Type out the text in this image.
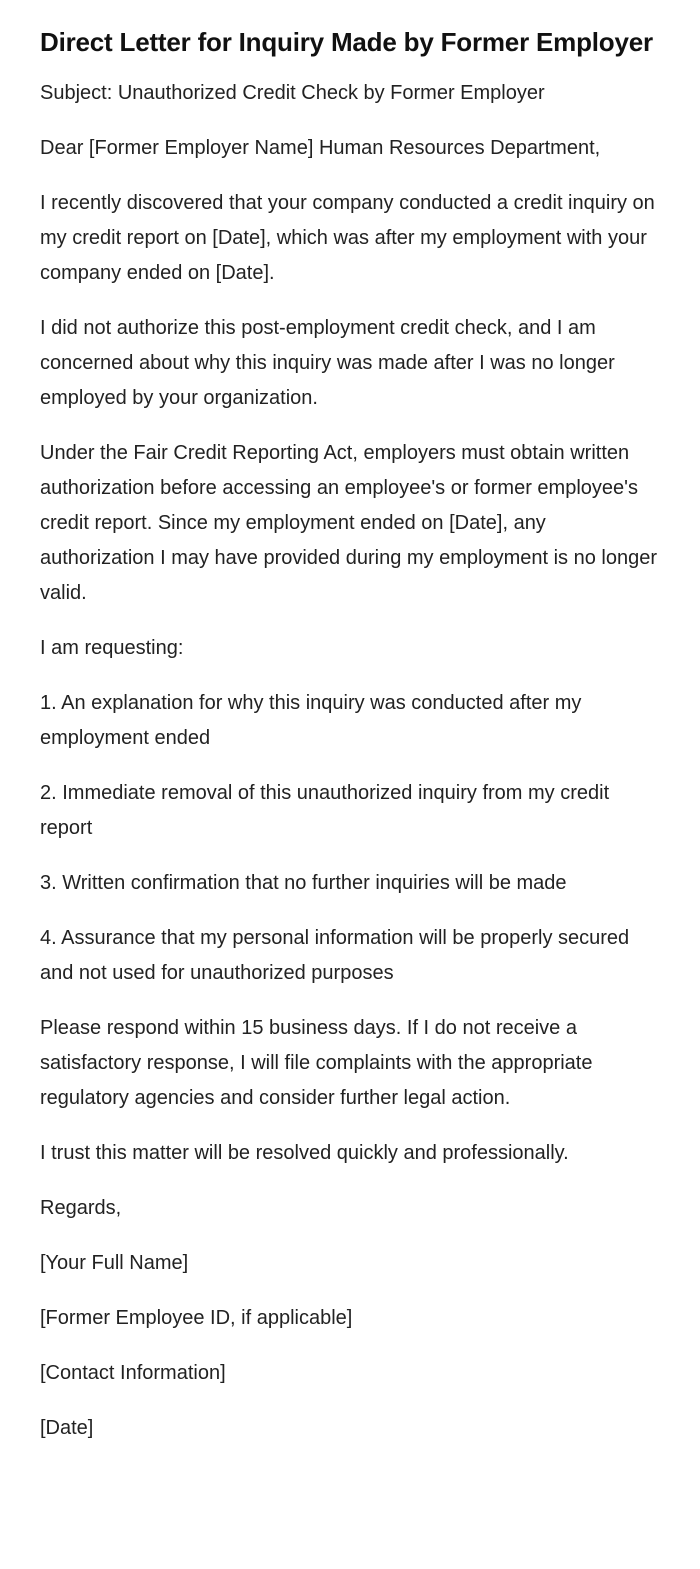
Direct Letter for Inquiry Made by Former Employer

Subject: Unauthorized Credit Check by Former Employer

Dear [Former Employer Name] Human Resources Department,

I recently discovered that your company conducted a credit inquiry on my credit report on [Date], which was after my employment with your company ended on [Date].

I did not authorize this post-employment credit check, and I am concerned about why this inquiry was made after I was no longer employed by your organization.

Under the Fair Credit Reporting Act, employers must obtain written authorization before accessing an employee's or former employee's credit report. Since my employment ended on [Date], any authorization I may have provided during my employment is no longer valid.

I am requesting:

1. An explanation for why this inquiry was conducted after my employment ended

2. Immediate removal of this unauthorized inquiry from my credit report

3. Written confirmation that no further inquiries will be made

4. Assurance that my personal information will be properly secured and not used for unauthorized purposes

Please respond within 15 business days. If I do not receive a satisfactory response, I will file complaints with the appropriate regulatory agencies and consider further legal action.

I trust this matter will be resolved quickly and professionally.

Regards,

[Your Full Name]

[Former Employee ID, if applicable]

[Contact Information]

[Date]
